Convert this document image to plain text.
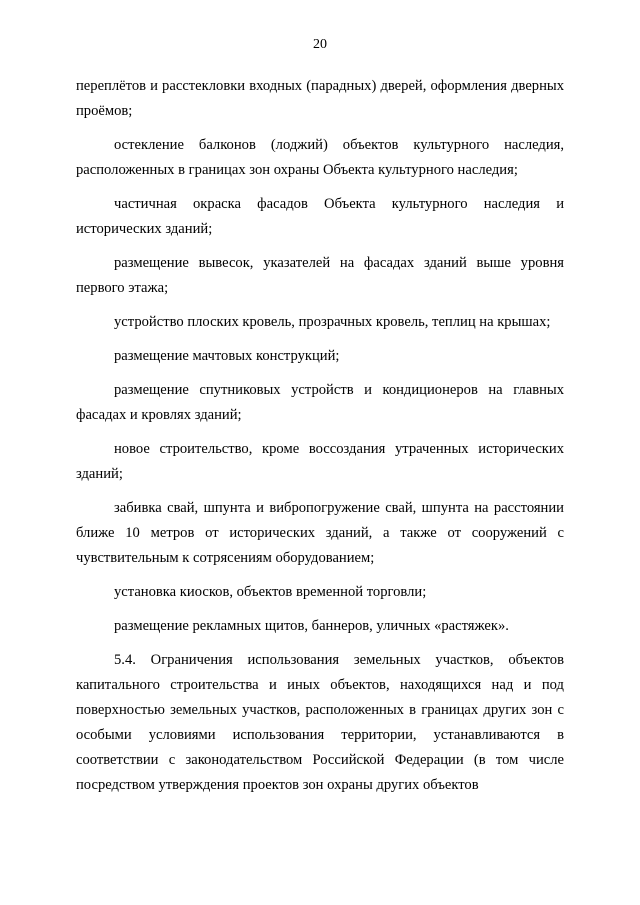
20

переплётов и расстекловки входных (парадных) дверей, оформления дверных проёмов;

остекление балконов (лоджий) объектов культурного наследия, расположенных в границах зон охраны Объекта культурного наследия;

частичная окраска фасадов Объекта культурного наследия и исторических зданий;

размещение вывесок, указателей на фасадах зданий выше уровня первого этажа;

устройство плоских кровель, прозрачных кровель, теплиц на крышах;

размещение мачтовых конструкций;

размещение спутниковых устройств и кондиционеров на главных фасадах и кровлях зданий;

новое строительство, кроме воссоздания утраченных исторических зданий;

забивка свай, шпунта и вибропогружение свай, шпунта на расстоянии ближе 10 метров от исторических зданий, а также от сооружений с чувствительным к сотрясениям оборудованием;

установка киосков, объектов временной торговли;

размещение рекламных щитов, баннеров, уличных «растяжек».

5.4. Ограничения использования земельных участков, объектов капитального строительства и иных объектов, находящихся над и под поверхностью земельных участков, расположенных в границах других зон с особыми условиями использования территории, устанавливаются в соответствии с законодательством Российской Федерации (в том числе посредством утверждения проектов зон охраны других объектов
